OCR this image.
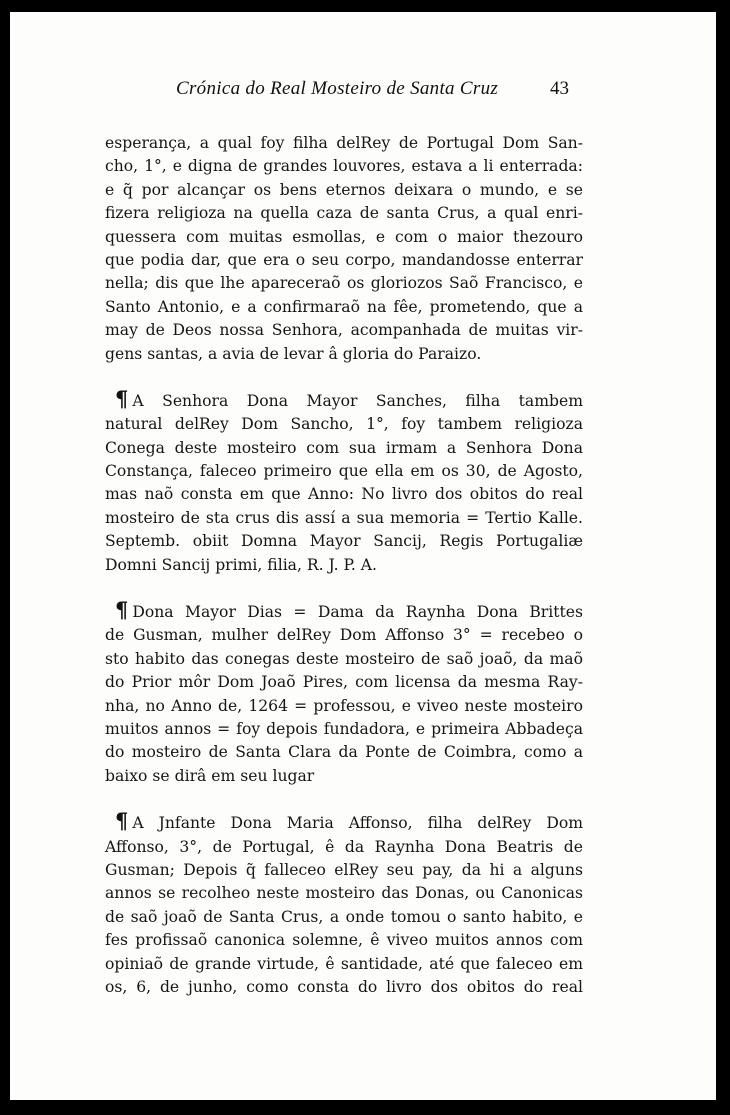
Crónica do Real Mosteiro de Santa Cruz	43
esperança, a qual foy filha delRey de Portugal Dom San-
cho, 1°, e digna de grandes louvores, estava a li enterrada:
e q̃ por alcançar os bens eternos deixara o mundo, e se
fizera religioza na quella caza de santa Crus, a qual enri-
quessera com muitas esmollas, e com o maior thezouro
que podia dar, que era o seu corpo, mandandosse enterrar
nella; dis que lhe apareceraõ os gloriozos Saõ Francisco, e
Santo Antonio, e a confirmaraõ na fêe, prometendo, que a
may de Deos nossa Senhora, acompanhada de muitas vir-
gens santas, a avia de levar â gloria do Paraizo.
¶ A Senhora Dona Mayor Sanches, filha tambem
natural delRey Dom Sancho, 1°, foy tambem religioza
Conega deste mosteiro com sua irmam a Senhora Dona
Constança, faleceo primeiro que ella em os 30, de Agosto,
mas naõ consta em que Anno: No livro dos obitos do real
mosteiro de sta crus dis assí a sua memoria = Tertio Kalle.
Septemb. obiit Domna Mayor Sancij, Regis Portugaliæ
Domni Sancij primi, filia, R. J. P. A.
¶ Dona Mayor Dias = Dama da Raynha Dona Brittes
de Gusman, mulher delRey Dom Affonso 3° = recebeo o
sto habito das conegas deste mosteiro de saõ joaõ, da maõ
do Prior môr Dom Joaõ Pires, com licensa da mesma Ray-
nha, no Anno de, 1264 = professou, e viveo neste mosteiro
muitos annos = foy depois fundadora, e primeira Abbadeça
do mosteiro de Santa Clara da Ponte de Coimbra, como a
baixo se dirâ em seu lugar
¶ A Jnfante Dona Maria Affonso, filha delRey Dom
Affonso, 3°, de Portugal, ê da Raynha Dona Beatris de
Gusman; Depois q̃ falleceo elRey seu pay, da hi a alguns
annos se recolheo neste mosteiro das Donas, ou Canonicas
de saõ joaõ de Santa Crus, a onde tomou o santo habito, e
fes profissaõ canonica solemne, ê viveo muitos annos com
opiniaõ de grande virtude, ê santidade, até que faleceo em
os, 6, de junho, como consta do livro dos obitos do real
